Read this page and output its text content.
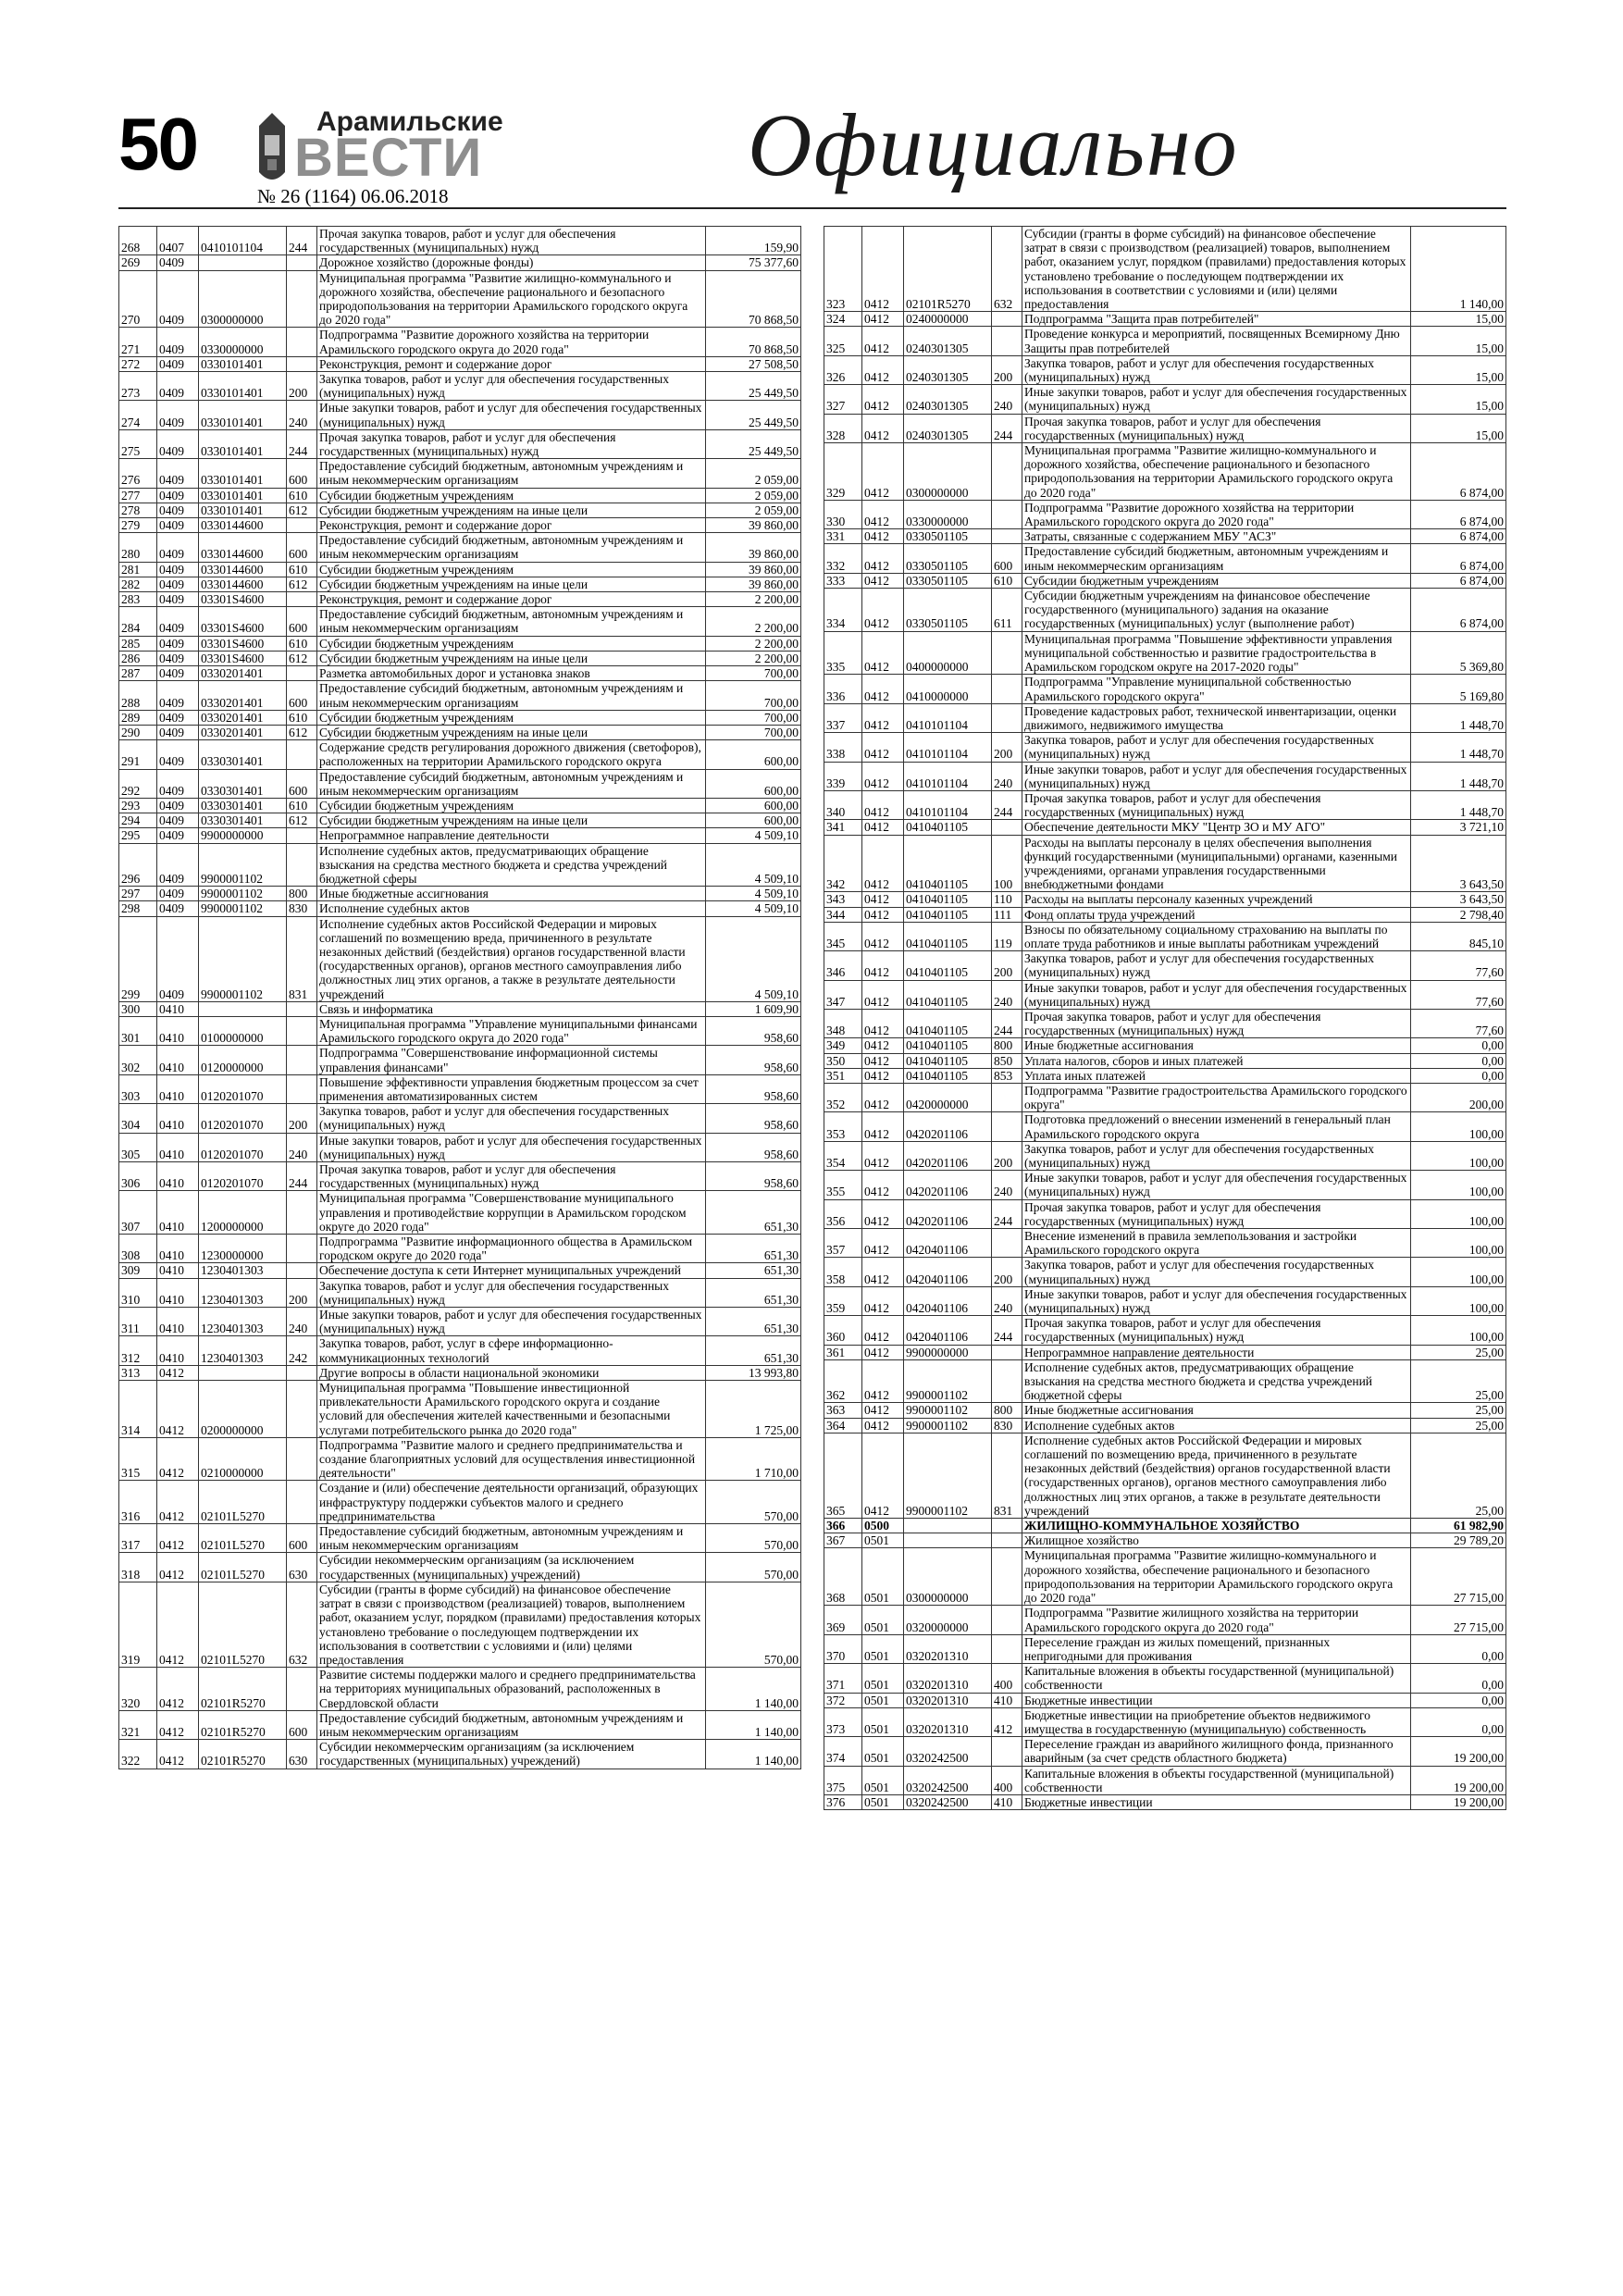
50	Арамильские
ВЕСТИ
№ 26 (1164) 06.06.2018
Официально
268	0407	0410101104	244	Прочая закупка товаров, работ и услуг для обеспечения государственных (муниципальных) нужд	159,90
269	0409			Дорожное хозяйство (дорожные фонды)	75 377,60
270	0409	0300000000		Муниципальная программа "Развитие жилищно-коммунального и дорожного хозяйства, обеспечение рационального и безопасного природопользования на территории Арамильского городского округа до 2020 года"	70 868,50
271	0409	0330000000		Подпрограмма "Развитие дорожного хозяйства на территории Арамильского городского округа до 2020 года"	70 868,50
272	0409	0330101401		Реконструкция, ремонт и содержание дорог	27 508,50
273	0409	0330101401	200	Закупка товаров, работ и услуг для обеспечения государственных (муниципальных) нужд	25 449,50
274	0409	0330101401	240	Иные закупки товаров, работ и услуг для обеспечения государственных (муниципальных) нужд	25 449,50
275	0409	0330101401	244	Прочая закупка товаров, работ и услуг для обеспечения государственных (муниципальных) нужд	25 449,50
276	0409	0330101401	600	Предоставление субсидий бюджетным, автономным учреждениям и иным некоммерческим организациям	2 059,00
277	0409	0330101401	610	Субсидии бюджетным учреждениям	2 059,00
278	0409	0330101401	612	Субсидии бюджетным учреждениям на иные цели	2 059,00
279	0409	0330144600		Реконструкция, ремонт и содержание дорог	39 860,00
280	0409	0330144600	600	Предоставление субсидий бюджетным, автономным учреждениям и иным некоммерческим организациям	39 860,00
281	0409	0330144600	610	Субсидии бюджетным учреждениям	39 860,00
282	0409	0330144600	612	Субсидии бюджетным учреждениям на иные цели	39 860,00
283	0409	03301S4600		Реконструкция, ремонт и содержание дорог	2 200,00
284	0409	03301S4600	600	Предоставление субсидий бюджетным, автономным учреждениям и иным некоммерческим организациям	2 200,00
285	0409	03301S4600	610	Субсидии бюджетным учреждениям	2 200,00
286	0409	03301S4600	612	Субсидии бюджетным учреждениям на иные цели	2 200,00
287	0409	0330201401		Разметка автомобильных дорог и установка знаков	700,00
288	0409	0330201401	600	Предоставление субсидий бюджетным, автономным учреждениям и иным некоммерческим организациям	700,00
289	0409	0330201401	610	Субсидии бюджетным учреждениям	700,00
290	0409	0330201401	612	Субсидии бюджетным учреждениям на иные цели	700,00
291	0409	0330301401		Содержание средств регулирования дорожного движения (светофоров), расположенных на территории Арамильского городского округа	600,00
292	0409	0330301401	600	Предоставление субсидий бюджетным, автономным учреждениям и иным некоммерческим организациям	600,00
293	0409	0330301401	610	Субсидии бюджетным учреждениям	600,00
294	0409	0330301401	612	Субсидии бюджетным учреждениям на иные цели	600,00
295	0409	9900000000		Непрограммное направление деятельности	4 509,10
296	0409	9900001102		Исполнение судебных актов, предусматривающих обращение взыскания на средства местного бюджета и средства учреждений бюджетной сферы	4 509,10
297	0409	9900001102	800	Иные бюджетные ассигнования	4 509,10
298	0409	9900001102	830	Исполнение судебных актов	4 509,10
299	0409	9900001102	831	Исполнение судебных актов Российской Федерации и мировых соглашений по возмещению вреда, причиненного в результате незаконных действий (бездействия) органов государственной власти (государственных органов), органов местного самоуправления либо должностных лиц этих органов, а также в результате деятельности учреждений	4 509,10
300	0410			Связь и информатика	1 609,90
301	0410	0100000000		Муниципальная программа "Управление муниципальными финансами Арамильского городского округа до 2020 года"	958,60
302	0410	0120000000		Подпрограмма "Совершенствование информационной системы управления финансами"	958,60
303	0410	0120201070		Повышение эффективности управления бюджетным процессом за счет применения автоматизированных систем	958,60
304	0410	0120201070	200	Закупка товаров, работ и услуг для обеспечения государственных (муниципальных) нужд	958,60
305	0410	0120201070	240	Иные закупки товаров, работ и услуг для обеспечения государственных (муниципальных) нужд	958,60
306	0410	0120201070	244	Прочая закупка товаров, работ и услуг для обеспечения государственных (муниципальных) нужд	958,60
307	0410	1200000000		Муниципальная программа "Совершенствование муниципального управления и противодействие коррупции в Арамильском городском округе до 2020 года"	651,30
308	0410	1230000000		Подпрограмма "Развитие информационного общества в Арамильском городском округе до 2020 года"	651,30
309	0410	1230401303		Обеспечение доступа к сети Интернет муниципальных учреждений	651,30
310	0410	1230401303	200	Закупка товаров, работ и услуг для обеспечения государственных (муниципальных) нужд	651,30
311	0410	1230401303	240	Иные закупки товаров, работ и услуг для обеспечения государственных (муниципальных) нужд	651,30
312	0410	1230401303	242	Закупка товаров, работ, услуг в сфере информационно-коммуникационных технологий	651,30
313	0412			Другие вопросы в области национальной экономики	13 993,80
314	0412	0200000000		Муниципальная программа "Повышение инвестиционной привлекательности Арамильского городского округа и создание условий для обеспечения жителей качественными и безопасными услугами потребительского рынка до 2020 года"	1 725,00
315	0412	0210000000		Подпрограмма "Развитие малого и среднего предпринимательства и создание благоприятных условий для осуществления инвестиционной деятельности"	1 710,00
316	0412	02101L5270		Создание и (или) обеспечение деятельности организаций, образующих инфраструктуру поддержки субъектов малого и среднего предпринимательства	570,00
317	0412	02101L5270	600	Предоставление субсидий бюджетным, автономным учреждениям и иным некоммерческим организациям	570,00
318	0412	02101L5270	630	Субсидии некоммерческим организациям (за исключением государственных (муниципальных) учреждений)	570,00
319	0412	02101L5270	632	Субсидии (гранты в форме субсидий) на финансовое обеспечение затрат в связи с производством (реализацией) товаров, выполнением работ, оказанием услуг, порядком (правилами) предоставления которых установлено требование о последующем подтверждении их использования в соответствии с условиями и (или) целями предоставления	570,00
320	0412	02101R5270		Развитие системы поддержки малого и среднего предпринимательства на территориях муниципальных образований, расположенных в Свердловской области	1 140,00
321	0412	02101R5270	600	Предоставление субсидий бюджетным, автономным учреждениям и иным некоммерческим организациям	1 140,00
322	0412	02101R5270	630	Субсидии некоммерческим организациям (за исключением государственных (муниципальных) учреждений)	1 140,00
323	0412	02101R5270	632	Субсидии (гранты в форме субсидий) на финансовое обеспечение затрат в связи с производством (реализацией) товаров, выполнением работ, оказанием услуг, порядком (правилами) предоставления которых установлено требование о последующем подтверждении их использования в соответствии с условиями и (или) целями предоставления	1 140,00
324	0412	0240000000		Подпрограмма "Защита прав потребителей"	15,00
325	0412	0240301305		Проведение конкурса и мероприятий, посвященных Всемирному Дню Защиты прав потребителей	15,00
326	0412	0240301305	200	Закупка товаров, работ и услуг для обеспечения государственных (муниципальных) нужд	15,00
327	0412	0240301305	240	Иные закупки товаров, работ и услуг для обеспечения государственных (муниципальных) нужд	15,00
328	0412	0240301305	244	Прочая закупка товаров, работ и услуг для обеспечения государственных (муниципальных) нужд	15,00
329	0412	0300000000		Муниципальная программа "Развитие жилищно-коммунального и дорожного хозяйства, обеспечение рационального и безопасного природопользования на территории Арамильского городского округа до 2020 года"	6 874,00
330	0412	0330000000		Подпрограмма "Развитие дорожного хозяйства на территории Арамильского городского округа до 2020 года"	6 874,00
331	0412	0330501105		Затраты, связанные с содержанием МБУ "АСЗ"	6 874,00
332	0412	0330501105	600	Предоставление субсидий бюджетным, автономным учреждениям и иным некоммерческим организациям	6 874,00
333	0412	0330501105	610	Субсидии бюджетным учреждениям	6 874,00
334	0412	0330501105	611	Субсидии бюджетным учреждениям на финансовое обеспечение государственного (муниципального) задания на оказание государственных (муниципальных) услуг (выполнение работ)	6 874,00
335	0412	0400000000		Муниципальная программа "Повышение эффективности управления муниципальной собственностью и развитие градостроительства в Арамильском городском округе на 2017-2020 годы"	5 369,80
336	0412	0410000000		Подпрограмма "Управление муниципальной собственностью Арамильского городского округа"	5 169,80
337	0412	0410101104		Проведение кадастровых работ, технической инвентаризации, оценки движимого, недвижимого имущества	1 448,70
338	0412	0410101104	200	Закупка товаров, работ и услуг для обеспечения государственных (муниципальных) нужд	1 448,70
339	0412	0410101104	240	Иные закупки товаров, работ и услуг для обеспечения государственных (муниципальных) нужд	1 448,70
340	0412	0410101104	244	Прочая закупка товаров, работ и услуг для обеспечения государственных (муниципальных) нужд	1 448,70
341	0412	0410401105		Обеспечение деятельности МКУ "Центр ЗО и МУ АГО"	3 721,10
342	0412	0410401105	100	Расходы на выплаты персоналу в целях обеспечения выполнения функций государственными (муниципальными) органами, казенными учреждениями, органами управления государственными внебюджетными фондами	3 643,50
343	0412	0410401105	110	Расходы на выплаты персоналу казенных учреждений	3 643,50
344	0412	0410401105	111	Фонд оплаты труда учреждений	2 798,40
345	0412	0410401105	119	Взносы по обязательному социальному страхованию на выплаты по оплате труда работников и иные выплаты работникам учреждений	845,10
346	0412	0410401105	200	Закупка товаров, работ и услуг для обеспечения государственных (муниципальных) нужд	77,60
347	0412	0410401105	240	Иные закупки товаров, работ и услуг для обеспечения государственных (муниципальных) нужд	77,60
348	0412	0410401105	244	Прочая закупка товаров, работ и услуг для обеспечения государственных (муниципальных) нужд	77,60
349	0412	0410401105	800	Иные бюджетные ассигнования	0,00
350	0412	0410401105	850	Уплата налогов, сборов и иных платежей	0,00
351	0412	0410401105	853	Уплата иных платежей	0,00
352	0412	0420000000		Подпрограмма "Развитие градостроительства Арамильского городского округа"	200,00
353	0412	0420201106		Подготовка предложений о внесении изменений в генеральный план Арамильского городского округа	100,00
354	0412	0420201106	200	Закупка товаров, работ и услуг для обеспечения государственных (муниципальных) нужд	100,00
355	0412	0420201106	240	Иные закупки товаров, работ и услуг для обеспечения государственных (муниципальных) нужд	100,00
356	0412	0420201106	244	Прочая закупка товаров, работ и услуг для обеспечения государственных (муниципальных) нужд	100,00
357	0412	0420401106		Внесение изменений в правила землепользования и застройки Арамильского городского округа	100,00
358	0412	0420401106	200	Закупка товаров, работ и услуг для обеспечения государственных (муниципальных) нужд	100,00
359	0412	0420401106	240	Иные закупки товаров, работ и услуг для обеспечения государственных (муниципальных) нужд	100,00
360	0412	0420401106	244	Прочая закупка товаров, работ и услуг для обеспечения государственных (муниципальных) нужд	100,00
361	0412	9900000000		Непрограммное направление деятельности	25,00
362	0412	9900001102		Исполнение судебных актов, предусматривающих обращение взыскания на средства местного бюджета и средства учреждений бюджетной сферы	25,00
363	0412	9900001102	800	Иные бюджетные ассигнования	25,00
364	0412	9900001102	830	Исполнение судебных актов	25,00
365	0412	9900001102	831	Исполнение судебных актов Российской Федерации и мировых соглашений по возмещению вреда, причиненного в результате незаконных действий (бездействия) органов государственной власти (государственных органов), органов местного самоуправления либо должностных лиц этих органов, а также в результате деятельности учреждений	25,00
366	0500			ЖИЛИЩНО-КОММУНАЛЬНОЕ ХОЗЯЙСТВО	61 982,90
367	0501			Жилищное хозяйство	29 789,20
368	0501	0300000000		Муниципальная программа "Развитие жилищно-коммунального и дорожного хозяйства, обеспечение рационального и безопасного природопользования на территории Арамильского городского округа до 2020 года"	27 715,00
369	0501	0320000000		Подпрограмма "Развитие жилищного хозяйства на территории Арамильского городского округа до 2020 года"	27 715,00
370	0501	0320201310		Переселение граждан из жилых помещений, признанных непригодными для проживания	0,00
371	0501	0320201310	400	Капитальные вложения в объекты государственной (муниципальной) собственности	0,00
372	0501	0320201310	410	Бюджетные инвестиции	0,00
373	0501	0320201310	412	Бюджетные инвестиции на приобретение объектов недвижимого имущества в государственную (муниципальную) собственность	0,00
374	0501	0320242500		Переселение граждан из аварийного жилищного фонда, признанного аварийным (за счет средств областного бюджета)	19 200,00
375	0501	0320242500	400	Капитальные вложения в объекты государственной (муниципальной) собственности	19 200,00
376	0501	0320242500	410	Бюджетные инвестиции	19 200,00
